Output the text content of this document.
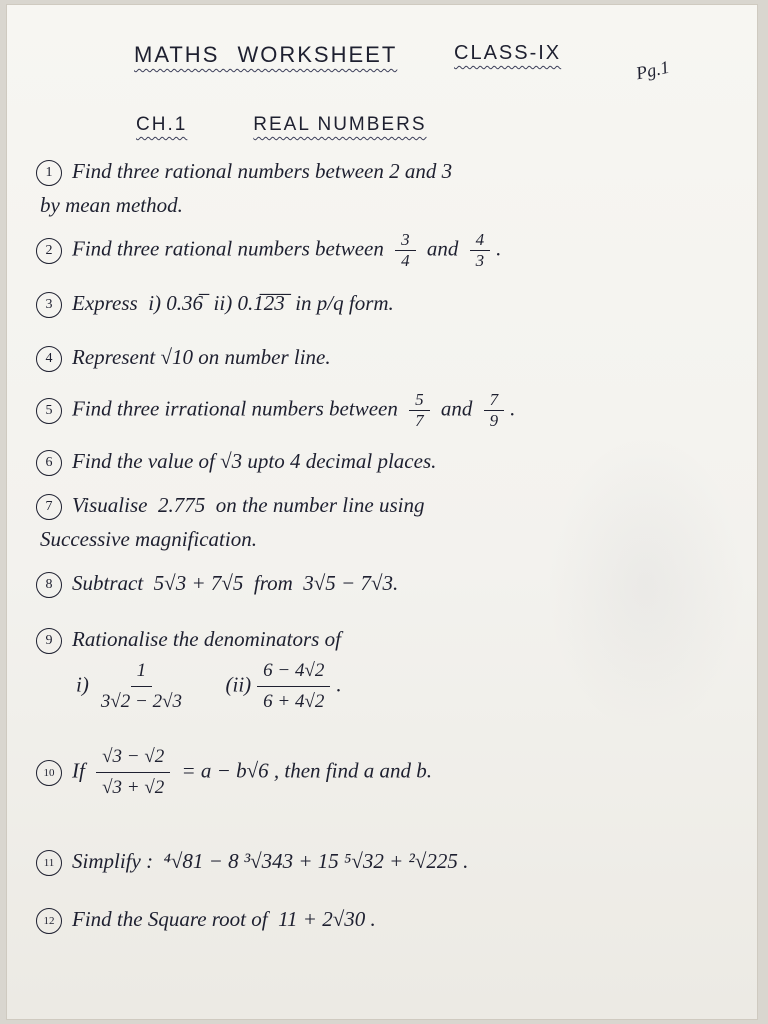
MATHS WORKSHEET	CLASS-IX
Pg.1
CH.1	REAL NUMBERS
1 Find three rational numbers between 2 and 3
by mean method.
2 Find three rational numbers between $\frac{3}{4}$ and $\frac{4}{3}$ .
3 Express  i) 0.36̅  ii) 0.1̅2̅3̅  in p/q form.
4 Represent √10 on number line.
5 Find three irrational numbers between $\frac{5}{7}$ and $\frac{7}{9}$ .
6 Find the value of √3 upto 4 decimal places.
7 Visualise  2.775  on the number line using
Successive magnification.
8 Subtract  5√3 + 7√5  from  3√5 − 7√3.
9 Rationalise the denominators of
$i) \frac{1}{3√2 - 2√3} (ii) \frac{6 - 4√2}{6 + 4√2}$ .
10 If $\frac{√3 - √2}{√3 + √2} = a - b√6$ , then find a and b.
11 Simplify :  ⁴√81 − 8 ³√343 + 15 ⁵√32 + ²√225 .
12 Find the Square root of  11 + 2√30 .
